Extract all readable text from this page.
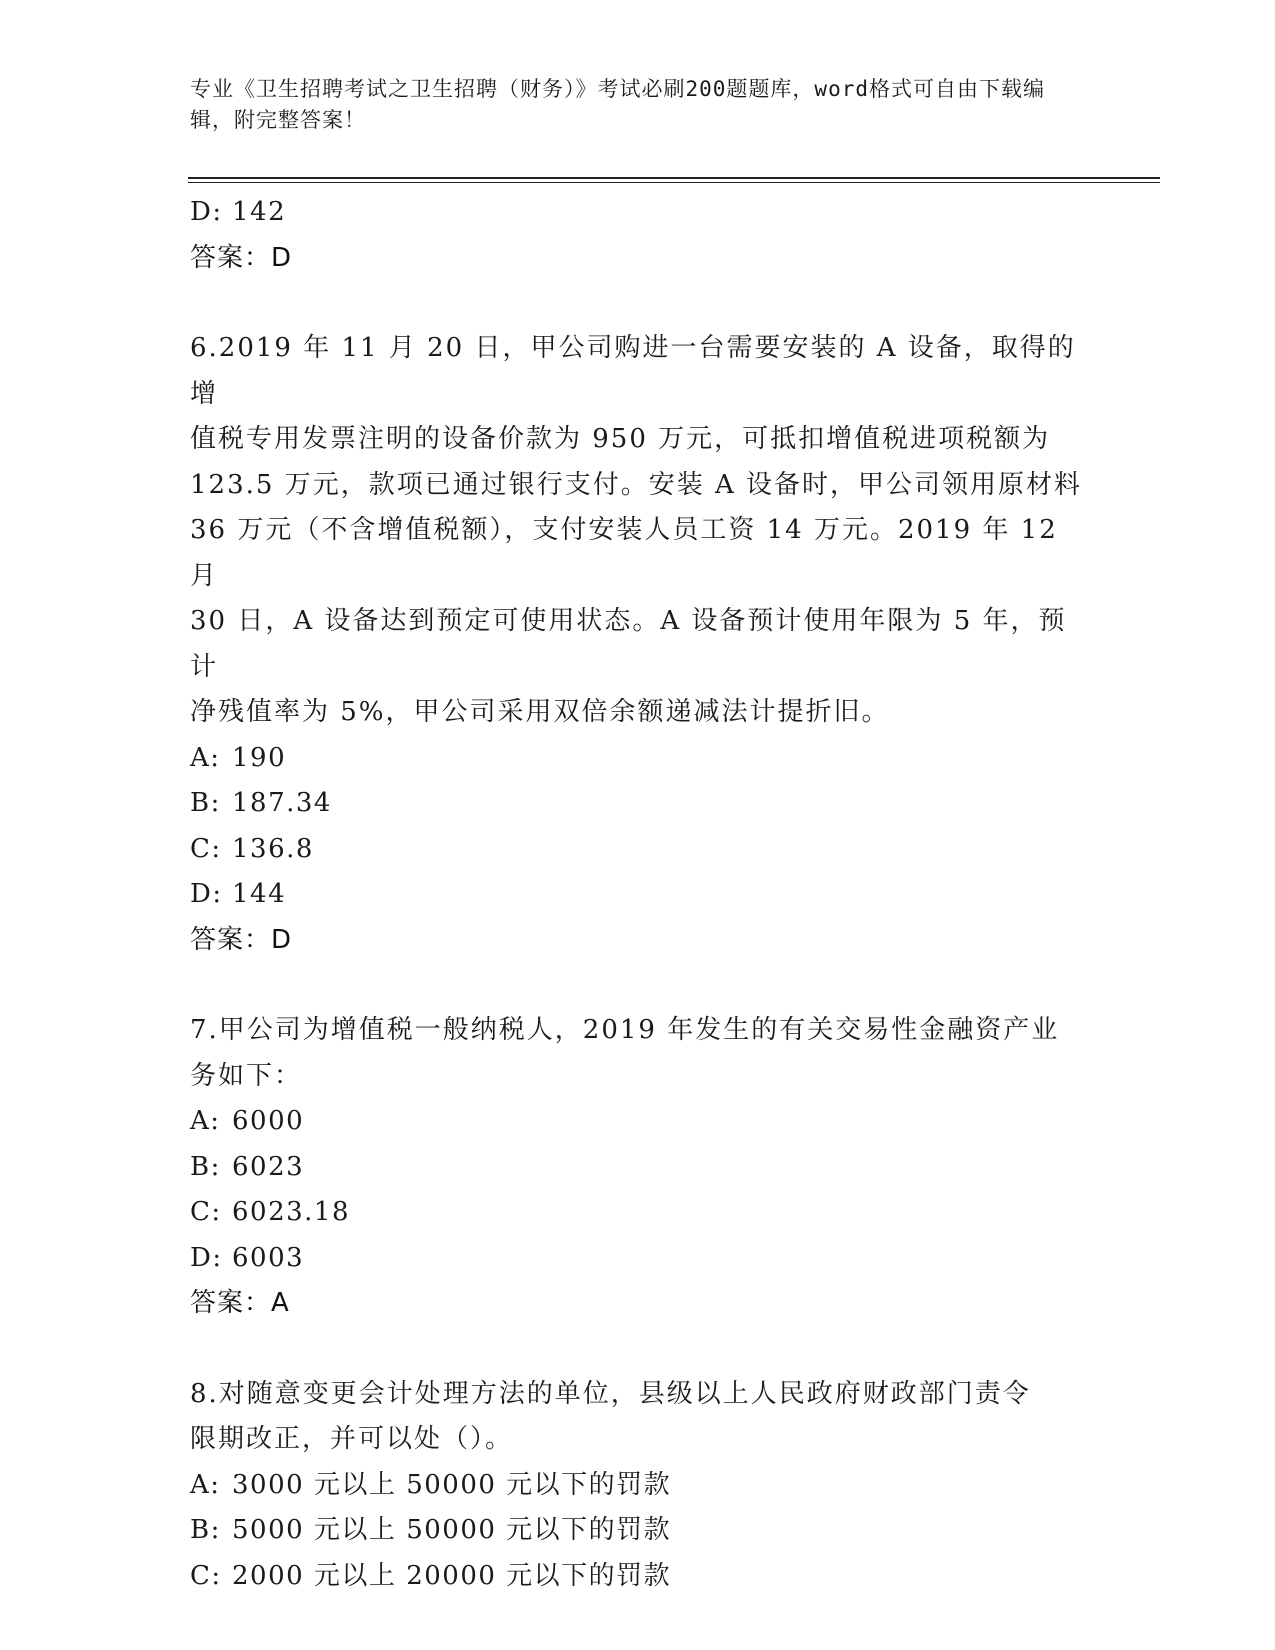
专业《卫生招聘考试之卫生招聘（财务）》考试必刷200题题库，word格式可自由下载编辑，附完整答案！
D: 142
答案：D
6.2019 年 11 月 20 日，甲公司购进一台需要安装的 A 设备，取得的增
值税专用发票注明的设备价款为 950 万元，可抵扣增值税进项税额为
123.5 万元，款项已通过银行支付。安装 A 设备时，甲公司领用原材料
36 万元（不含增值税额），支付安装人员工资 14 万元。2019 年 12 月
30 日，A 设备达到预定可使用状态。A 设备预计使用年限为 5 年，预计
净残值率为 5%，甲公司采用双倍余额递减法计提折旧。
A: 190
B: 187.34
C: 136.8
D: 144
答案：D
7.甲公司为增值税一般纳税人，2019 年发生的有关交易性金融资产业
务如下：
A: 6000
B: 6023
C: 6023.18
D: 6003
答案：A
8.对随意变更会计处理方法的单位，县级以上人民政府财政部门责令
限期改正，并可以处（）。
A: 3000 元以上 50000 元以下的罚款
B: 5000 元以上 50000 元以下的罚款
C: 2000 元以上 20000 元以下的罚款
